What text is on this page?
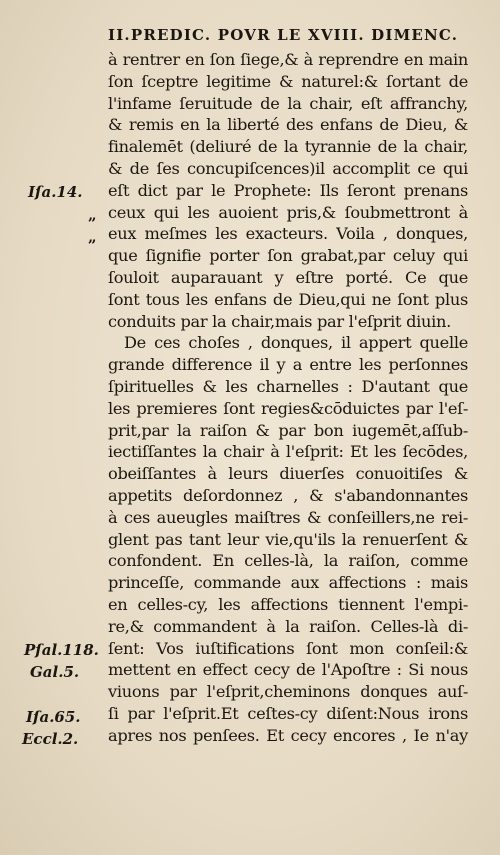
II.PREDIC. POVR LE XVIII. DIMENC.
à rentrer en ſon ſiege,& à reprendre en main
ſon ſceptre legitime & naturel:& ſortant de
l'infame ſeruitude de la chair, eſt affranchy,
& remis en la liberté des enfans de Dieu, &
finalemēt (deliuré de la tyrannie de la chair,
& de ſes concupiſcences)il accomplit ce qui
eſt dict par le Prophete: Ils ſeront prenans
ceux qui les auoient pris,& ſoubmettront à
eux meſmes les exacteurs. Voila , donques,
que ſignifie porter ſon grabat,par celuy qui
ſouloit auparauant y eſtre porté. Ce que
ſont tous les enfans de Dieu,qui ne ſont plus
conduits par la chair,mais par l'eſprit diuin.
De ces choſes , donques, il appert quelle
grande difference il y a entre les perſonnes
ſpirituelles & les charnelles : D'autant que
les premieres ſont regies&cōduictes par l'eſ-
prit,par la raiſon & par bon iugemēt,aſſub-
iectiſſantes la chair à l'eſprit: Et les ſecōdes,
obeiſſantes à leurs diuerſes conuoitiſes &
appetits deſordonnez , & s'abandonnantes
à ces aueugles maiſtres & conſeillers,ne rei-
glent pas tant leur vie,qu'ils la renuerſent &
confondent. En celles-là, la raiſon, comme
princeſſe, commande aux affections : mais
en celles-cy, les affections tiennent l'empi-
re,& commandent à la raiſon. Celles-là di-
ſent: Vos iuſtifications ſont mon conſeil:&
mettent en effect cecy de l'Apoſtre : Si nous
viuons par l'eſprit,cheminons donques auſ-
ſi par l'eſprit.Et ceſtes-cy diſent:Nous irons
apres nos penſees. Et cecy encores , Ie n'ay
Iſa.14.
Pſal.118.
Gal.5.
Iſa.65.
Eccl.2.
„
„
